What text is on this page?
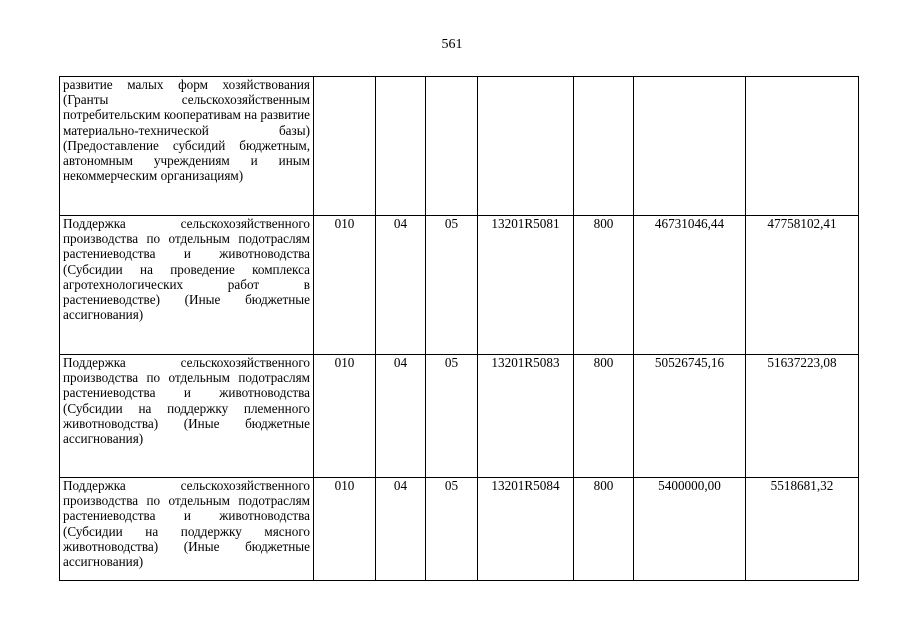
561
развитие малых форм хозяйствования (Гранты сельскохозяйственным потребительским кооперативам на развитие материально-технической базы) (Предоставление субсидий бюджетным, автономным учреждениям и иным некоммерческим организациям)							
Поддержка сельскохозяйственного производства по отдельным подотраслям растениеводства и животноводства (Субсидии на проведение комплекса агротехнологических работ в растениеводстве) (Иные бюджетные ассигнования)	010	04	05	13201R5081	800	46731046,44	47758102,41
Поддержка сельскохозяйственного производства по отдельным подотраслям растениеводства и животноводства (Субсидии на поддержку племенного животноводства) (Иные бюджетные ассигнования)	010	04	05	13201R5083	800	50526745,16	51637223,08
Поддержка сельскохозяйственного производства по отдельным подотраслям растениеводства и животноводства (Субсидии на поддержку мясного животноводства) (Иные бюджетные ассигнования)	010	04	05	13201R5084	800	5400000,00	5518681,32
